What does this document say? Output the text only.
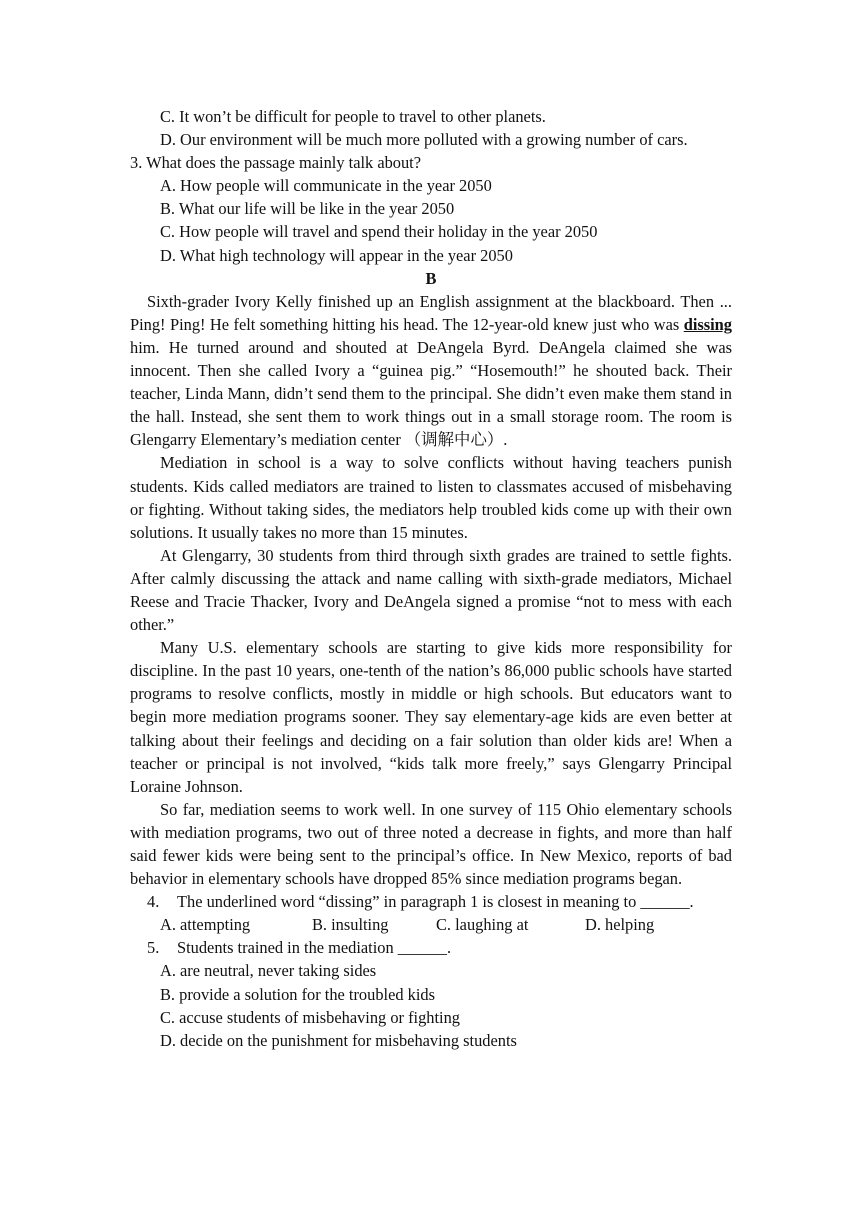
C. It won’t be difficult for people to travel to other planets.
D. Our environment will be much more polluted with a growing number of cars.
3. What does the passage mainly talk about?
A. How people will communicate in the year 2050
B. What our life will be like in the year 2050
C. How people will travel and spend their holiday in the year 2050
D. What high technology will appear in the year 2050
B
Sixth-grader Ivory Kelly finished up an English assignment at the blackboard. Then ... Ping! Ping! He felt something hitting his head. The 12-year-old knew just who was dissing him. He turned around and shouted at DeAngela Byrd. DeAngela claimed she was innocent. Then she called Ivory a “guinea pig.” “Hosemouth!” he shouted back. Their teacher, Linda Mann, didn’t send them to the principal. She didn’t even make them stand in the hall. Instead, she sent them to work things out in a small storage room. The room is Glengarry Elementary’s mediation center （调解中心）.
Mediation in school is a way to solve conflicts without having teachers punish students. Kids called mediators are trained to listen to classmates accused of misbehaving or fighting. Without taking sides, the mediators help troubled kids come up with their own solutions. It usually takes no more than 15 minutes.
At Glengarry, 30 students from third through sixth grades are trained to settle fights. After calmly discussing the attack and name calling with sixth-grade mediators, Michael Reese and Tracie Thacker, Ivory and DeAngela signed a promise “not to mess with each other.”
Many U.S. elementary schools are starting to give kids more responsibility for discipline. In the past 10 years, one-tenth of the nation’s 86,000 public schools have started programs to resolve conflicts, mostly in middle or high schools. But educators want to begin more mediation programs sooner. They say elementary-age kids are even better at talking about their feelings and deciding on a fair solution than older kids are! When a teacher or principal is not involved, “kids talk more freely,” says Glengarry Principal Loraine Johnson.
So far, mediation seems to work well. In one survey of 115 Ohio elementary schools with mediation programs, two out of three noted a decrease in fights, and more than half said fewer kids were being sent to the principal’s office. In New Mexico, reports of bad behavior in elementary schools have dropped 85% since mediation programs began.
4.	The underlined word “dissing” in paragraph 1 is closest in meaning to ______.
A. attempting	B. insulting	C. laughing at	D. helping
5.	Students trained in the mediation ______.
A. are neutral, never taking sides
B. provide a solution for the troubled kids
C. accuse students of misbehaving or fighting
D. decide on the punishment for misbehaving students
